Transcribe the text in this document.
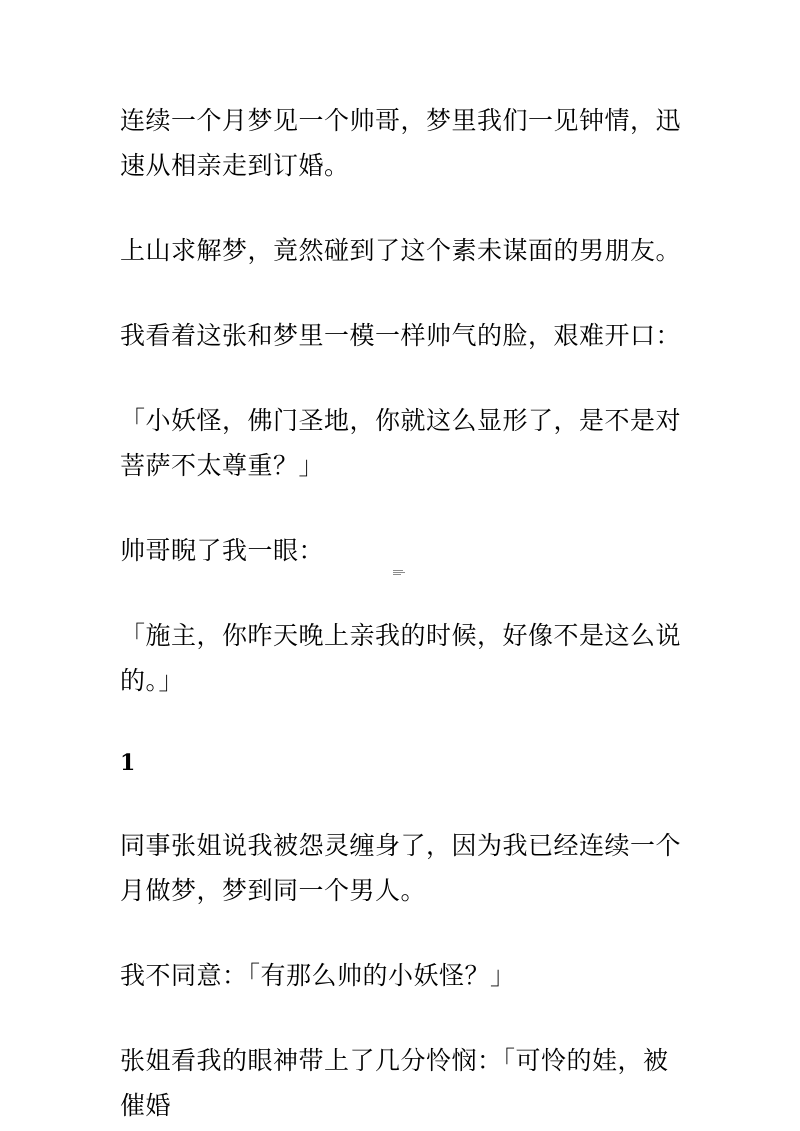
连续一个月梦见一个帅哥，梦里我们一见钟情，迅速从相亲走到订婚。

上山求解梦，竟然碰到了这个素未谋面的男朋友。

我看着这张和梦里一模一样帅气的脸，艰难开口：

「小妖怪，佛门圣地，你就这么显形了，是不是对菩萨不太尊重？」

帅哥睨了我一眼：

「施主，你昨天晚上亲我的时候，好像不是这么说的。」

1

同事张姐说我被怨灵缠身了，因为我已经连续一个月做梦，梦到同一个男人。

我不同意：「有那么帅的小妖怪？」

张姐看我的眼神带上了几分怜悯：「可怜的娃，被催婚
